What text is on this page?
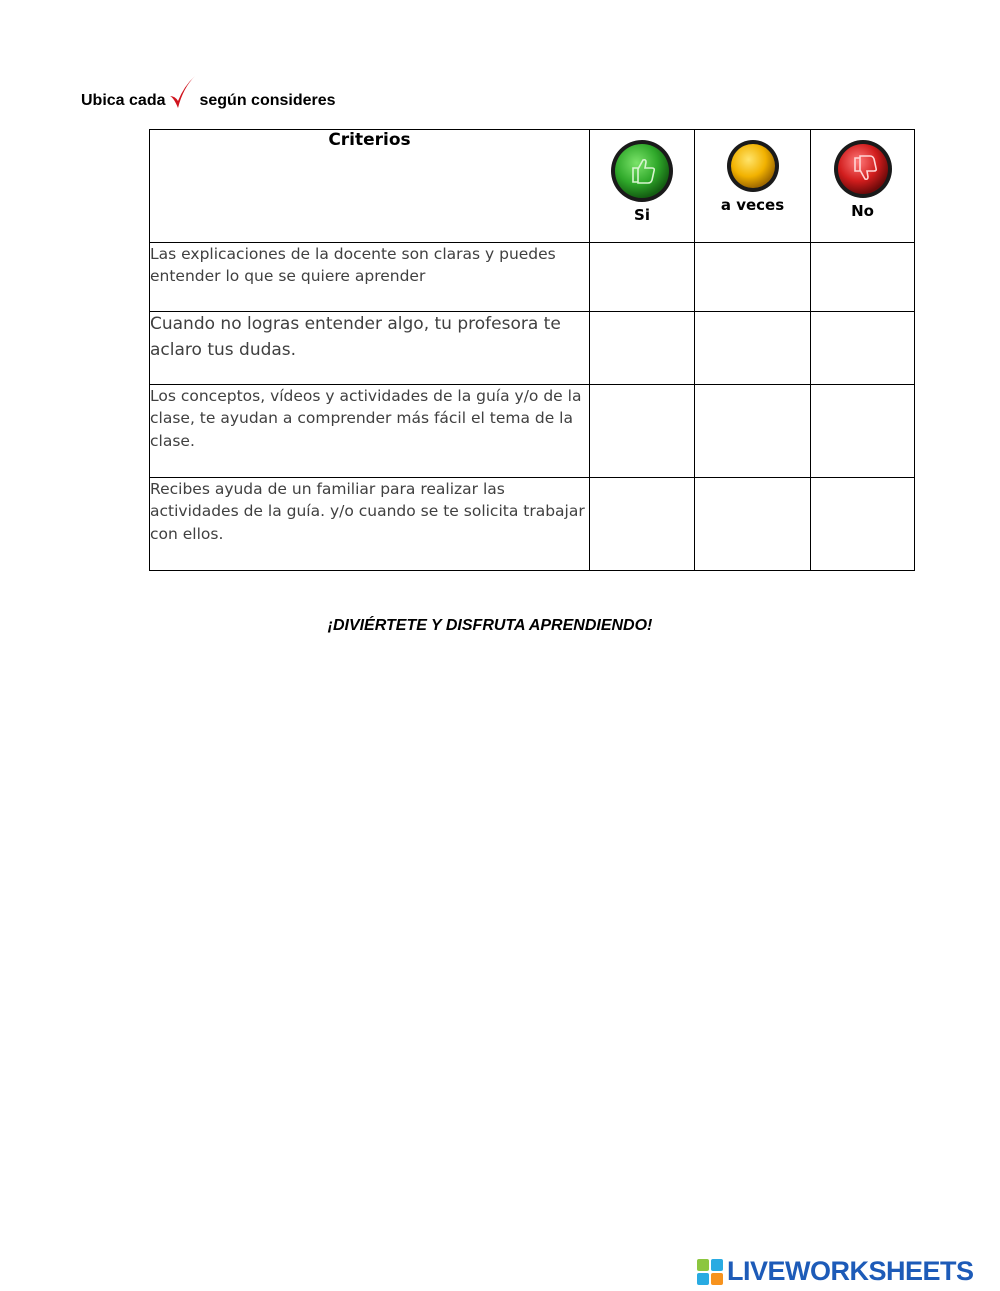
Ubica cada según consideres
Criterios	Si	a veces	No

Las explicaciones de la docente son claras y puedes entender lo que se quiere aprender			
Cuando no logras entender algo, tu profesora te aclaro tus dudas.			
Los conceptos, vídeos y actividades de la guía y/o de la clase, te ayudan a comprender más fácil el tema de la clase.			
Recibes ayuda de un familiar para realizar las actividades de la guía. y/o cuando se te solicita trabajar con ellos.			
¡DIVIÉRTETE Y DISFRUTA APRENDIENDO!
LIVEWORKSHEETS
